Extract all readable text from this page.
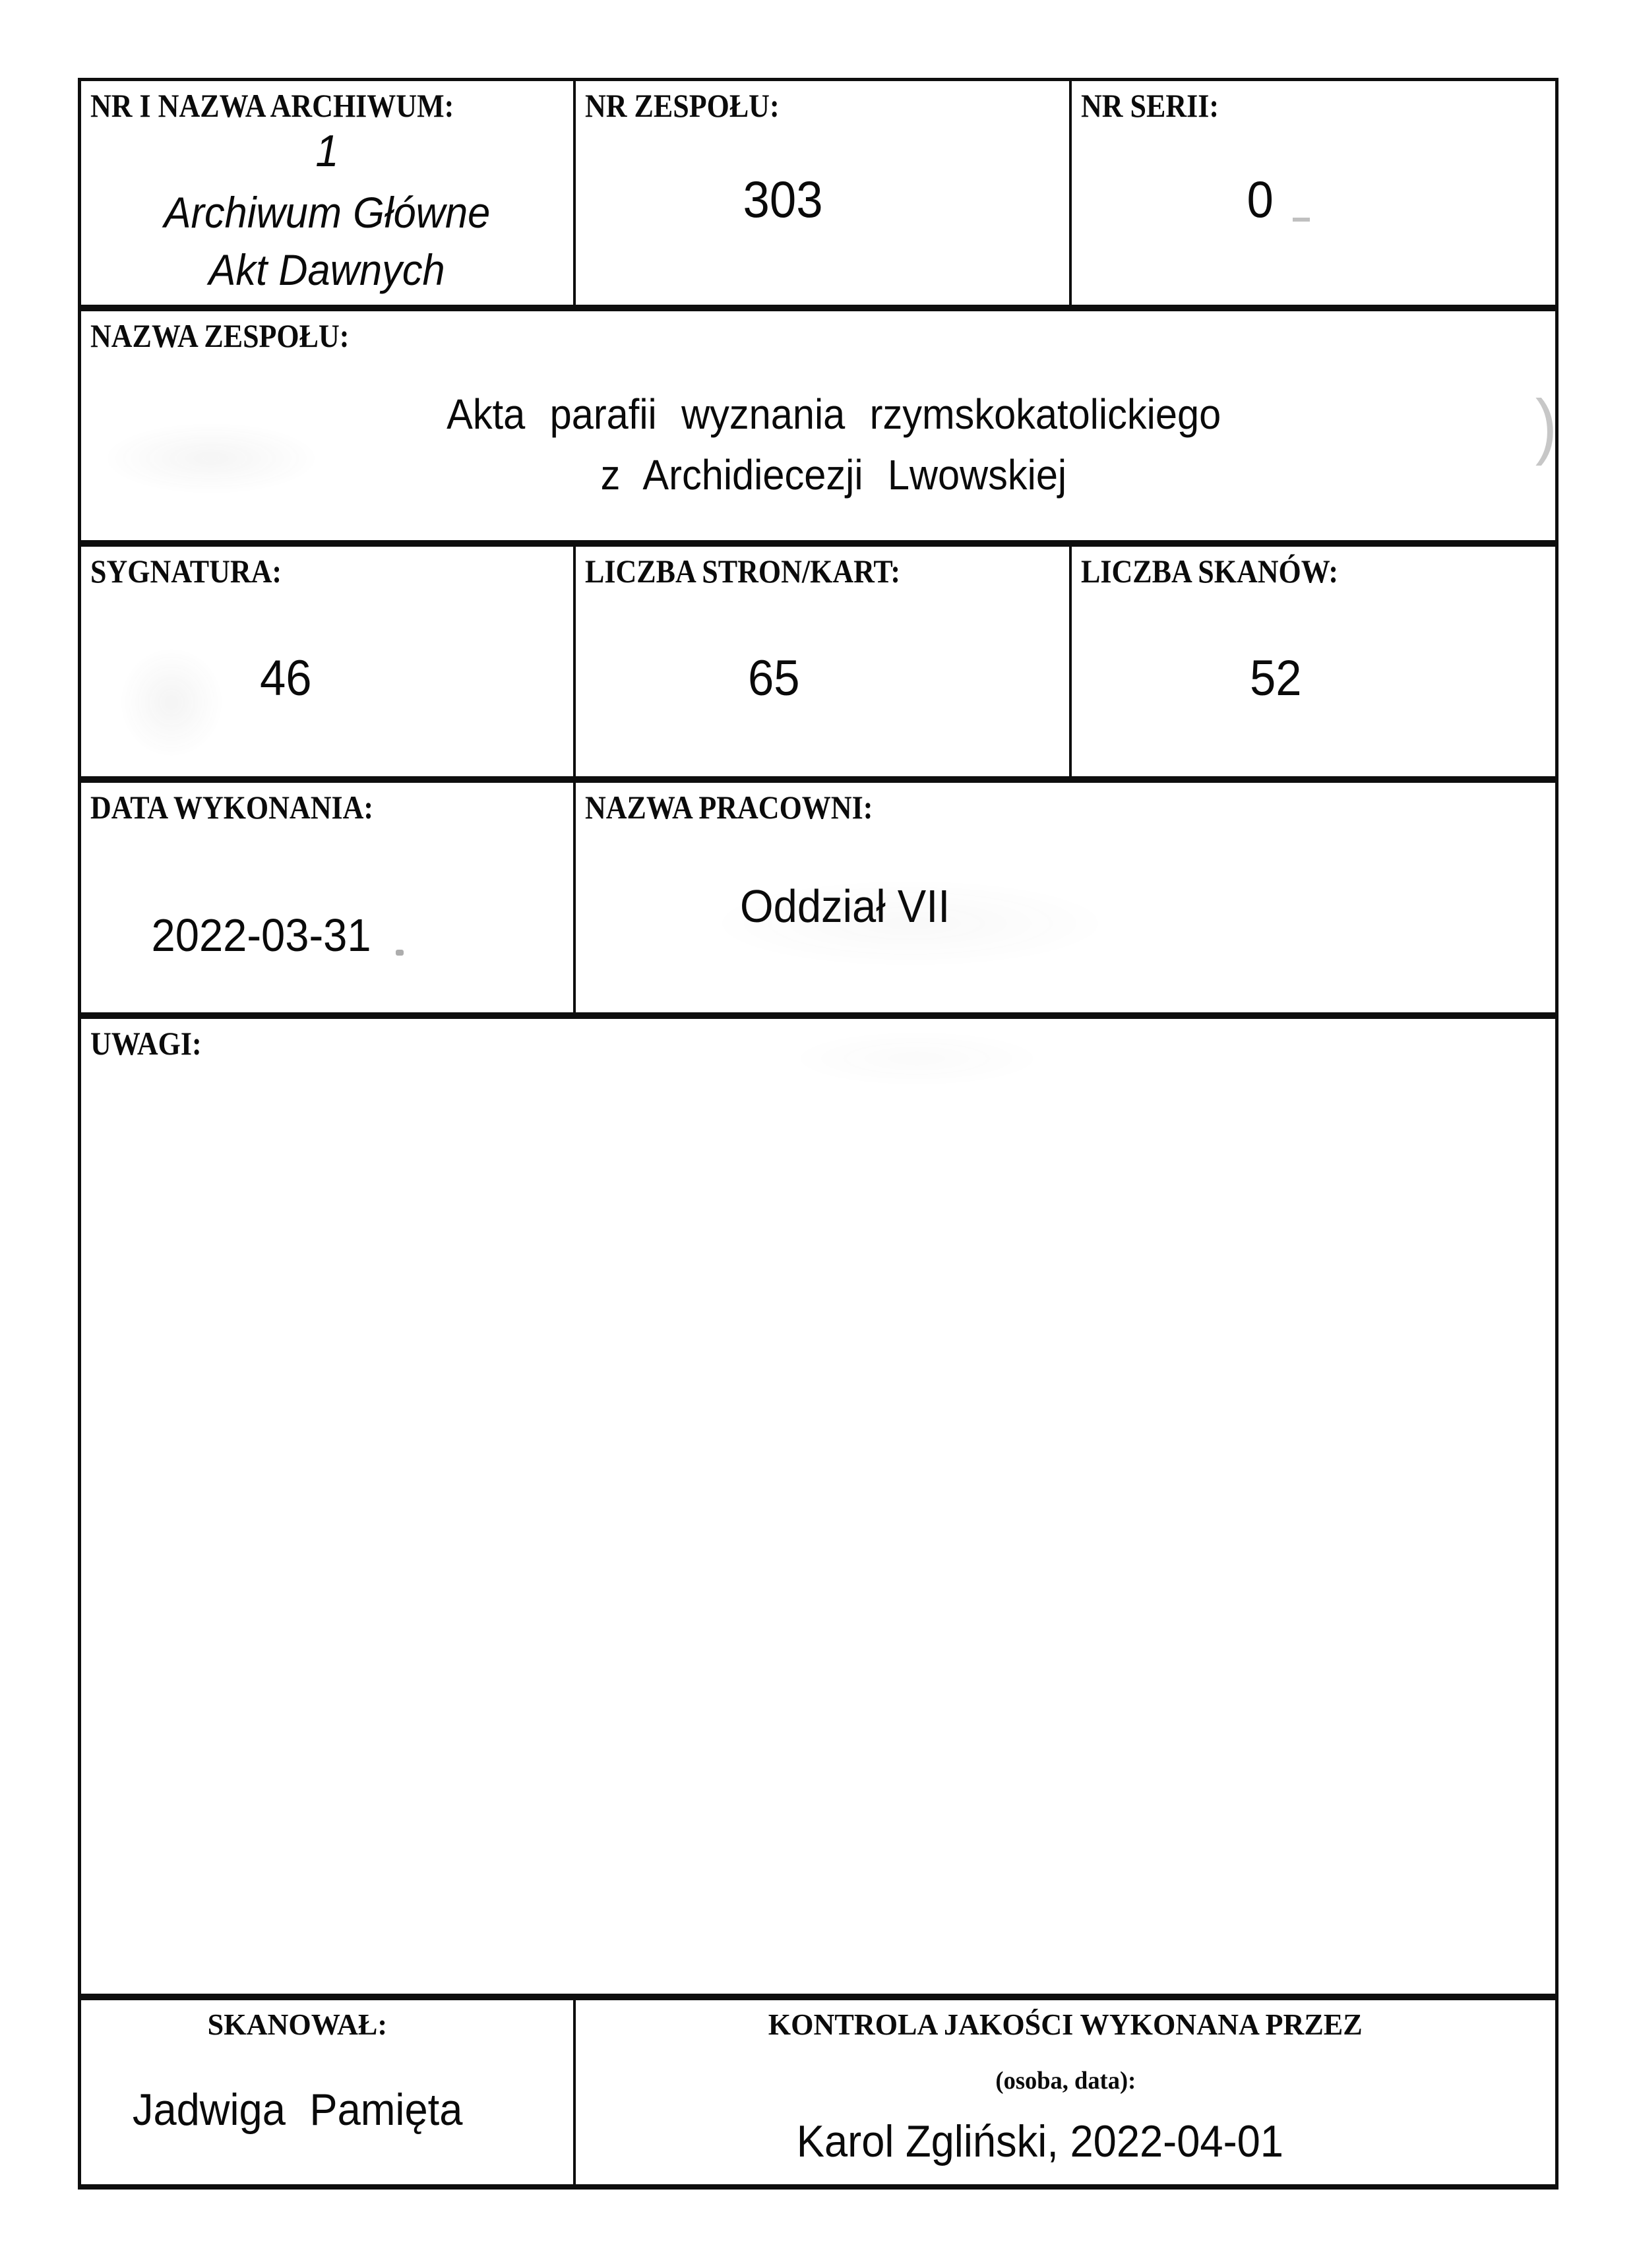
NR I NAZWA ARCHIWUM:
1
Archiwum Główne
Akt Dawnych
NR ZESPOŁU:
303
NR SERII:
0
NAZWA ZESPOŁU:
Akta parafii wyznania rzymskokatolickiego
z Archidiecezji Lwowskiej
SYGNATURA:
46
LICZBA STRON/KART:
65
LICZBA SKANÓW:
52
DATA WYKONANIA:
2022-03-31
NAZWA PRACOWNI:
Oddział VII
UWAGI:
SKANOWAŁ:
Jadwiga Pamięta
KONTROLA JAKOŚCI WYKONANA PRZEZ
(osoba, data):
Karol Zgliński, 2022-04-01
)
